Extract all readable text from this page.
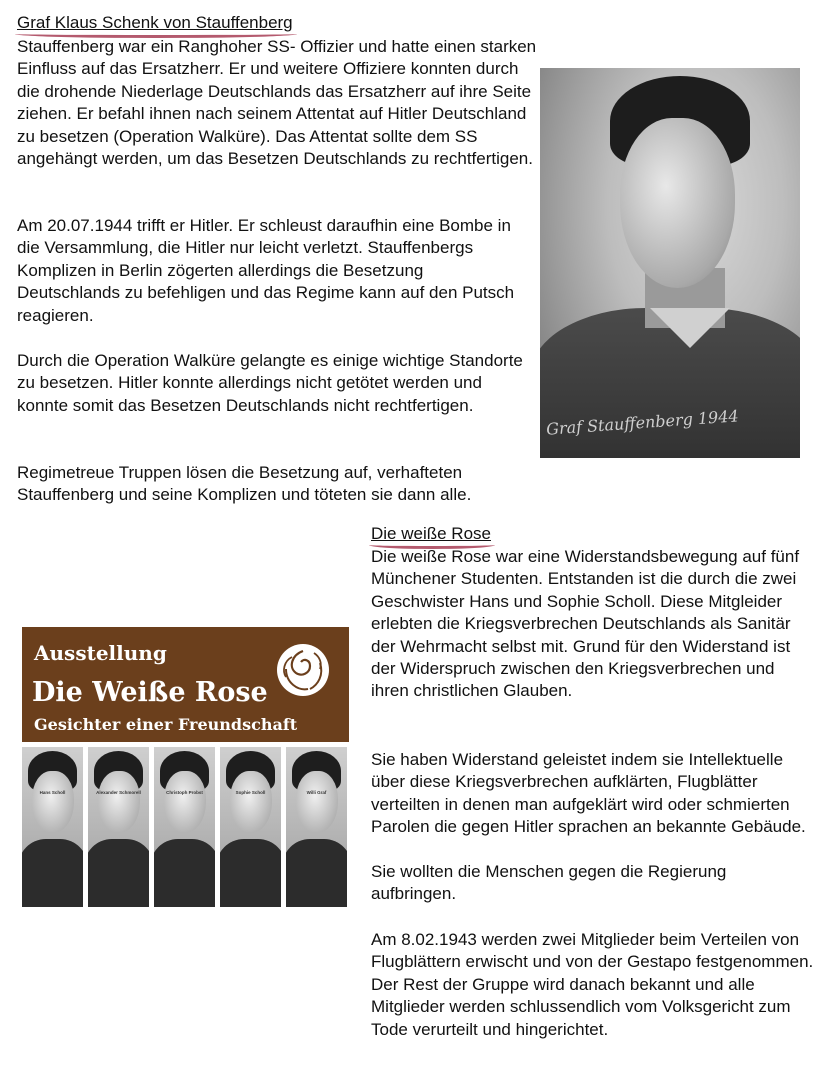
Graf Klaus Schenk von Stauffenberg

Stauffenberg war ein Ranghoher SS- Offizier und hatte einen starken Einfluss auf das Ersatzherr. Er und weitere Offiziere konnten durch die drohende Niederlage Deutschlands das Ersatzherr auf ihre Seite ziehen. Er befahl ihnen nach seinem Attentat auf Hitler Deutschland zu besetzen (Operation Walküre). Das Attentat sollte dem SS angehängt werden, um das Besetzen Deutschlands zu rechtfertigen.

Am 20.07.1944 trifft er Hitler. Er schleust daraufhin eine Bombe in die Versammlung, die Hitler nur leicht verletzt. Stauffenbergs Komplizen in Berlin zögerten allerdings die Besetzung Deutschlands zu befehligen und das Regime kann auf den Putsch reagieren.

Durch die Operation Walküre gelangte es einige wichtige Standorte zu besetzen. Hitler konnte allerdings nicht getötet werden und konnte somit das Besetzen Deutschlands nicht rechtfertigen.

Regimetreue Truppen lösen die Besetzung auf, verhafteten Stauffenberg und seine Komplizen und töteten sie dann alle.

Graf Stauffenberg 1944
Die weiße Rose

Die weiße Rose war eine Widerstandsbewegung auf fünf Münchener Studenten. Entstanden ist die durch die zwei Geschwister Hans und Sophie Scholl. Diese Mitgleider erlebten die Kriegsverbrechen Deutschlands als Sanitär der Wehrmacht selbst mit. Grund für den Widerstand ist der Widerspruch zwischen den Kriegsverbrechen und ihren christlichen Glauben.

Sie haben Widerstand geleistet indem sie Intellektuelle über diese Kriegsverbrechen aufklärten, Flugblätter verteilten in denen man aufgeklärt wird oder schmierten Parolen die gegen Hitler sprachen an bekannte Gebäude.

Sie wollten die Menschen gegen die Regierung aufbringen.

Am 8.02.1943 werden zwei Mitglieder beim Verteilen von Flugblättern erwischt und von der Gestapo festgenommen. Der Rest der Gruppe wird danach bekannt und alle Mitglieder werden schlussendlich vom Volksgericht zum Tode verurteilt und hingerichtet.

Ausstellung
Die Weiße Rose
Gesichter einer Freundschaft
Hans Scholl	Alexander Schmorell	Christoph Probst	Sophie Scholl	Willi Graf
